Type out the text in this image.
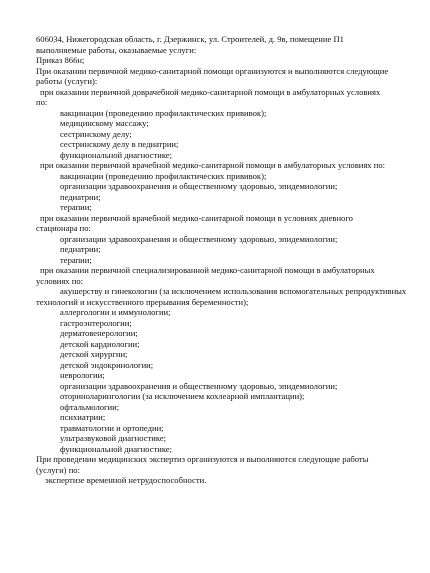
606034, Нижегородская область, г. Дзержинск, ул. Строителей, д. 9в, помещение П1
выполняемые работы, оказываемые услуги:
Приказ 866н;
При оказании первичной медико-санитарной помощи организуются и выполняются следующие
работы (услуги):
при оказании первичной доврачебной медико-санитарной помощи в амбулаторных условиях
по:
вакцинации (проведению профилактических прививок);
медицинскому массажу;
сестринскому делу;
сестринскому делу в педиатрии;
функциональной диагностике;
при оказании первичной врачебной медико-санитарной помощи в амбулаторных условиях по:
вакцинации (проведению профилактических прививок);
организации здравоохранения и общественному здоровью, эпидемиологии;
педиатрии;
терапии;
при оказании первичной врачебной медико-санитарной помощи в условиях дневного
стационара по:
организации здравоохранения и общественному здоровью, эпидемиологии;
педиатрии;
терапии;
при оказании первичной специализированной медико-санитарной помощи в амбулаторных
условиях по:
акушерству и гинекологии (за исключением использования вспомогательных репродуктивных
технологий и искусственного прерывания беременности);
аллергологии и иммунологии;
гастроэнтерологии;
дерматовенерологии;
детской кардиологии;
детской хирургии;
детской эндокринологии;
неврологии;
организации здравоохранения и общественному здоровью, эпидемиологии;
оториноларингологии (за исключением кохлеарной имплантации);
офтальмологии;
психиатрии;
травматологии и ортопедии;
ультразвуковой диагностике;
функциональной диагностике;
При проведении медицинских экспертиз организуются и выполняются следующие работы
(услуги) по:
экспертизе временной нетрудоспособности.
